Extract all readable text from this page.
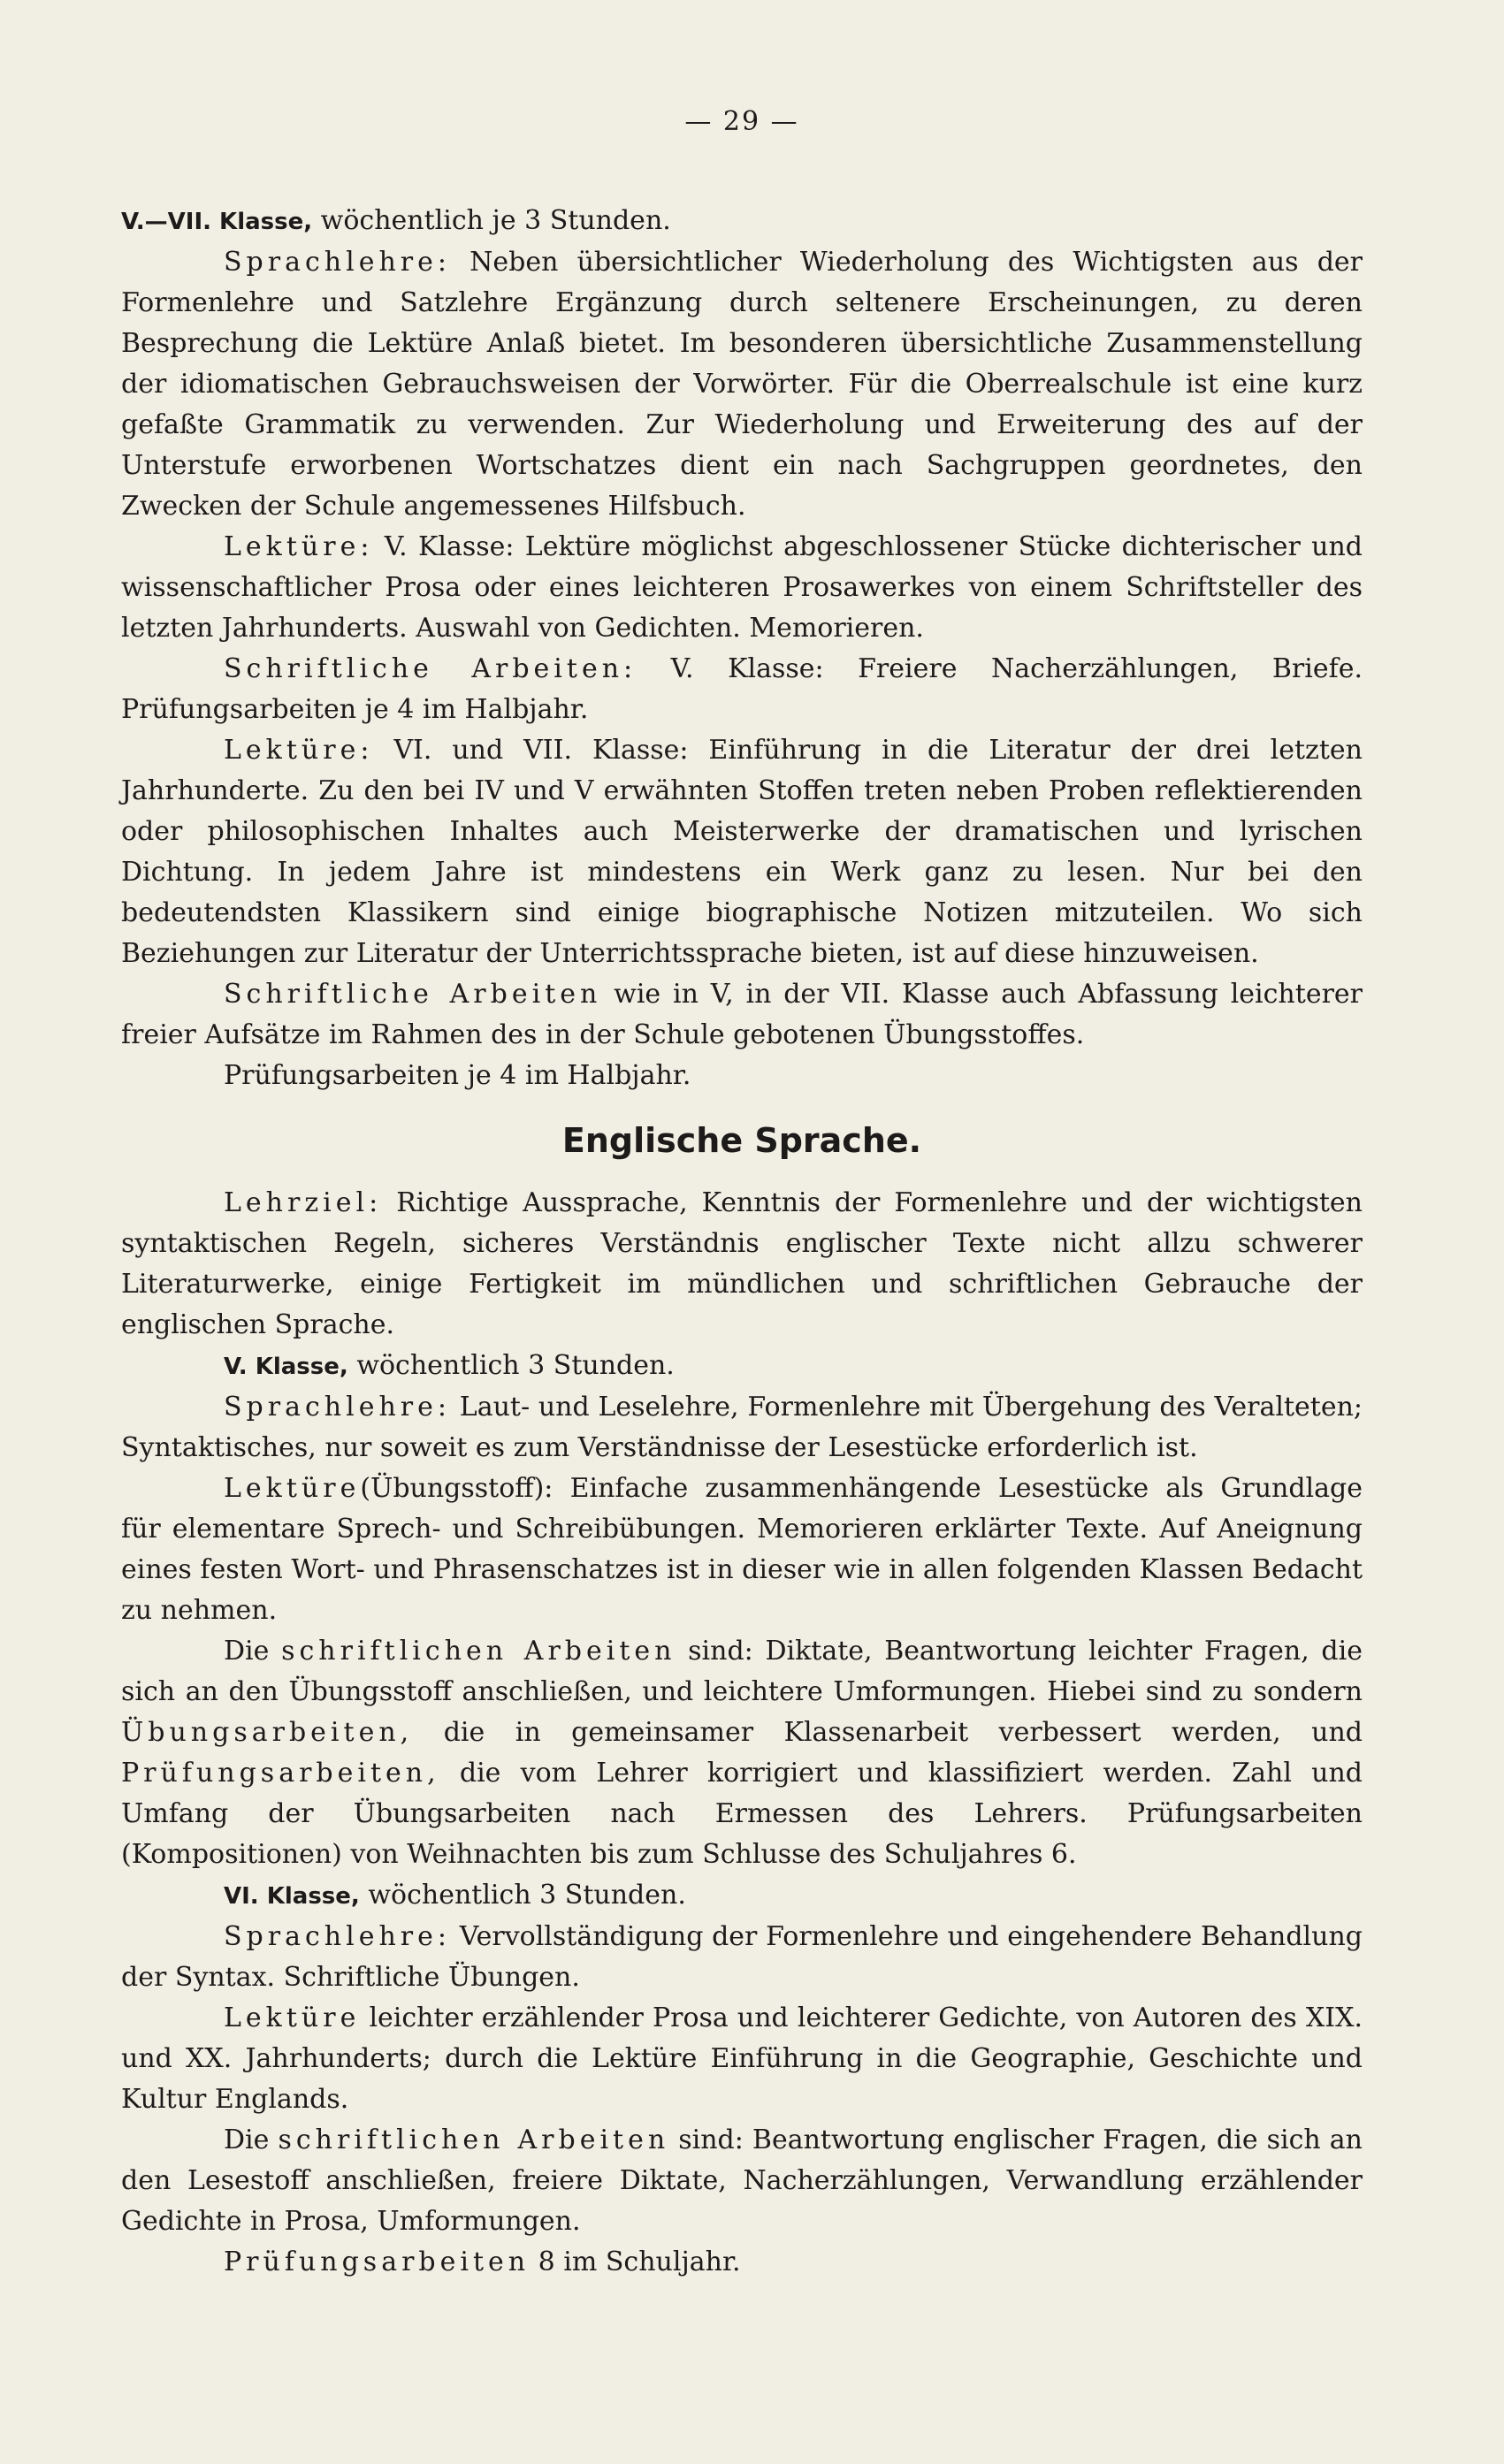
— 29 —

V.—VII. Klasse, wöchentlich je 3 Stunden.

Sprachlehre: Neben übersichtlicher Wiederholung des Wichtigsten aus der Formenlehre und Satzlehre Ergänzung durch seltenere Erscheinungen, zu deren Besprechung die Lektüre Anlaß bietet. Im besonderen übersichtliche Zusammenstellung der idiomatischen Gebrauchsweisen der Vorwörter. Für die Oberrealschule ist eine kurz gefaßte Grammatik zu verwenden. Zur Wiederholung und Erweiterung des auf der Unterstufe erworbenen Wortschatzes dient ein nach Sachgruppen geordnetes, den Zwecken der Schule angemessenes Hilfsbuch.

Lektüre: V. Klasse: Lektüre möglichst abgeschlossener Stücke dichterischer und wissenschaftlicher Prosa oder eines leichteren Prosawerkes von einem Schriftsteller des letzten Jahrhunderts. Auswahl von Gedichten. Memorieren.

Schriftliche Arbeiten: V. Klasse: Freiere Nacherzählungen, Briefe. Prüfungsarbeiten je 4 im Halbjahr.

Lektüre: VI. und VII. Klasse: Einführung in die Literatur der drei letzten Jahrhunderte. Zu den bei IV und V erwähnten Stoffen treten neben Proben reflektierenden oder philosophischen Inhaltes auch Meisterwerke der dramatischen und lyrischen Dichtung. In jedem Jahre ist mindestens ein Werk ganz zu lesen. Nur bei den bedeutendsten Klassikern sind einige biographische Notizen mitzuteilen. Wo sich Beziehungen zur Literatur der Unterrichtssprache bieten, ist auf diese hinzuweisen.

Schriftliche Arbeiten wie in V, in der VII. Klasse auch Abfassung leichterer freier Aufsätze im Rahmen des in der Schule gebotenen Übungsstoffes.

Prüfungsarbeiten je 4 im Halbjahr.

Englische Sprache.

Lehrziel: Richtige Aussprache, Kenntnis der Formenlehre und der wichtigsten syntaktischen Regeln, sicheres Verständnis englischer Texte nicht allzu schwerer Literaturwerke, einige Fertigkeit im mündlichen und schriftlichen Gebrauche der englischen Sprache.

V. Klasse, wöchentlich 3 Stunden.

Sprachlehre: Laut- und Leselehre, Formenlehre mit Übergehung des Veralteten; Syntaktisches, nur soweit es zum Verständnisse der Lesestücke erforderlich ist.

Lektüre(Übungsstoff): Einfache zusammenhängende Lesestücke als Grundlage für elementare Sprech- und Schreibübungen. Memorieren erklärter Texte. Auf Aneignung eines festen Wort- und Phrasenschatzes ist in dieser wie in allen folgenden Klassen Bedacht zu nehmen.

Die schriftlichen Arbeiten sind: Diktate, Beantwortung leichter Fragen, die sich an den Übungsstoff anschließen, und leichtere Umformungen. Hiebei sind zu sondern Übungsarbeiten, die in gemeinsamer Klassenarbeit verbessert werden, und Prüfungsarbeiten, die vom Lehrer korrigiert und klassifiziert werden. Zahl und Umfang der Übungsarbeiten nach Ermessen des Lehrers. Prüfungsarbeiten (Kompositionen) von Weihnachten bis zum Schlusse des Schuljahres 6.

VI. Klasse, wöchentlich 3 Stunden.

Sprachlehre: Vervollständigung der Formenlehre und eingehendere Behandlung der Syntax. Schriftliche Übungen.

Lektüre leichter erzählender Prosa und leichterer Gedichte, von Autoren des XIX. und XX. Jahrhunderts; durch die Lektüre Einführung in die Geographie, Geschichte und Kultur Englands.

Die schriftlichen Arbeiten sind: Beantwortung englischer Fragen, die sich an den Lesestoff anschließen, freiere Diktate, Nacherzählungen, Verwandlung erzählender Gedichte in Prosa, Umformungen.

Prüfungsarbeiten 8 im Schuljahr.
